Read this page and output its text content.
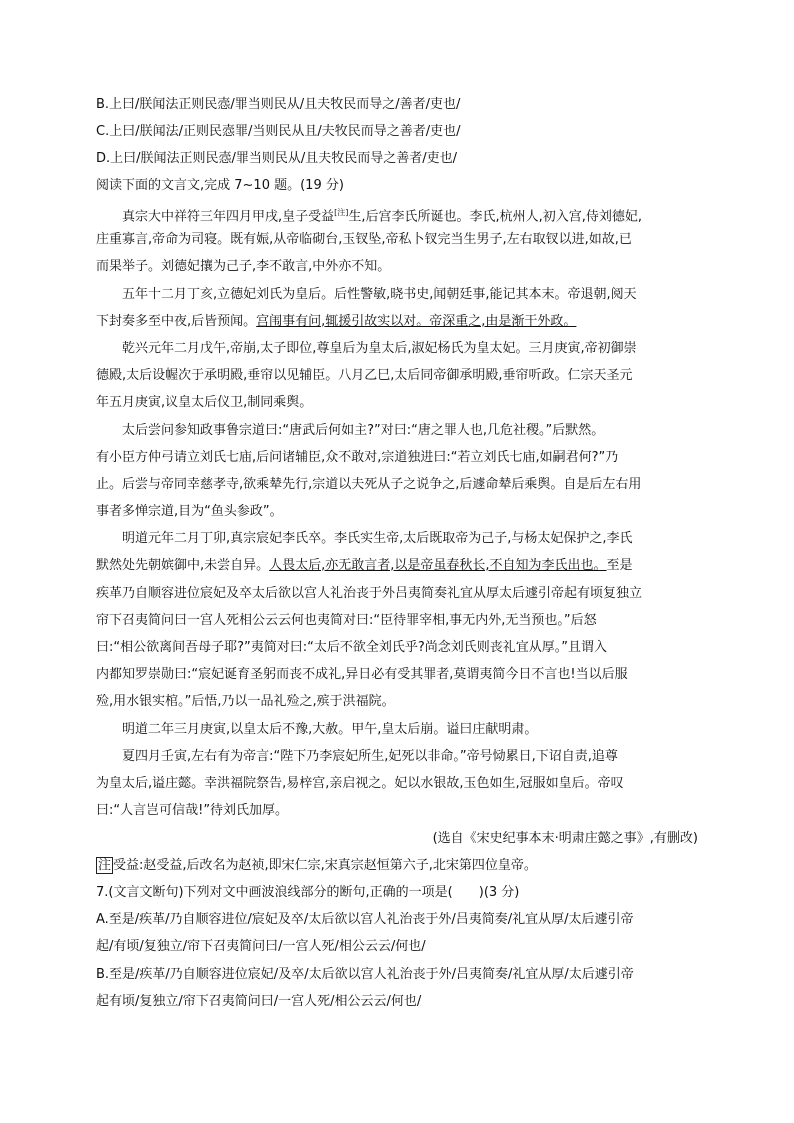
B.上曰/朕闻法正则民悫/罪当则民从/且夫牧民而导之/善者/吏也/
C.上曰/朕闻法/正则民悫罪/当则民从且/夫牧民而导之善者/吏也/
D.上曰/朕闻法正则民悫/罪当则民从/且夫牧民而导之善者/吏也/
阅读下面的文言文,完成 7~10 题。(19 分)
真宗大中祥符三年四月甲戌,皇子受益[注]生,后宫李氏所诞也。李氏,杭州人,初入宫,侍刘德妃,
庄重寡言,帝命为司寝。既有娠,从帝临砌台,玉钗坠,帝私卜钗完当生男子,左右取钗以进,如故,已
而果举子。刘德妃攘为己子,李不敢言,中外亦不知。
五年十二月丁亥,立德妃刘氏为皇后。后性警敏,晓书史,闻朝廷事,能记其本末。帝退朝,阅天
下封奏多至中夜,后皆预闻。宫闱事有问,辄援引故实以对。帝深重之,由是渐干外政。
乾兴元年二月戊午,帝崩,太子即位,尊皇后为皇太后,淑妃杨氏为皇太妃。三月庚寅,帝初御崇
德殿,太后设幄次于承明殿,垂帘以见辅臣。八月乙巳,太后同帝御承明殿,垂帘听政。仁宗天圣元
年五月庚寅,议皇太后仪卫,制同乘舆。
太后尝问参知政事鲁宗道曰:“唐武后何如主?”对曰:“唐之罪人也,几危社稷。”后默然。
有小臣方仲弓请立刘氏七庙,后问诸辅臣,众不敢对,宗道独进曰:“若立刘氏七庙,如嗣君何?”乃
止。后尝与帝同幸慈孝寺,欲乘辇先行,宗道以夫死从子之说争之,后遽命辇后乘舆。自是后左右用
事者多惮宗道,目为“鱼头参政”。
明道元年二月丁卯,真宗宸妃李氏卒。李氏实生帝,太后既取帝为己子,与杨太妃保护之,李氏
默然处先朝嫔御中,未尝自异。人畏太后,亦无敢言者,以是帝虽春秋长,不自知为李氏出也。至是
疾革乃自顺容进位宸妃及卒太后欲以宫人礼治丧于外吕夷简奏礼宜从厚太后遽引帝起有顷复独立
帘下召夷简问曰一宫人死相公云云何也夷简对曰:“臣待罪宰相,事无内外,无当预也。”后怒
曰:“相公欲离间吾母子耶?”夷简对曰:“太后不欲全刘氏乎?尚念刘氏则丧礼宜从厚。”且谓入
内都知罗崇勋曰:“宸妃诞育圣躬而丧不成礼,异日必有受其罪者,莫谓夷简今日不言也!当以后服
殓,用水银实棺。”后悟,乃以一品礼殓之,殡于洪福院。
明道二年三月庚寅,以皇太后不豫,大赦。甲午,皇太后崩。谥曰庄献明肃。
夏四月壬寅,左右有为帝言:“陛下乃李宸妃所生,妃死以非命。”帝号恸累日,下诏自责,追尊
为皇太后,谥庄懿。幸洪福院祭告,易梓宫,亲启视之。妃以水银故,玉色如生,冠服如皇后。帝叹
曰:“人言岂可信哉!”待刘氏加厚。
(选自《宋史纪事本末·明肃庄懿之事》,有删改)
注 受益:赵受益,后改名为赵祯,即宋仁宗,宋真宗赵恒第六子,北宋第四位皇帝。
7.(文言文断句)下列对文中画波浪线部分的断句,正确的一项是(　　)(3 分)
A.至是/疾革/乃自顺容进位/宸妃及卒/太后欲以宫人礼治丧于外/吕夷简奏/礼宜从厚/太后遽引帝
起/有顷/复独立/帘下召夷简问曰/一宫人死/相公云云/何也/
B.至是/疾革/乃自顺容进位宸妃/及卒/太后欲以宫人礼治丧于外/吕夷简奏/礼宜从厚/太后遽引帝
起有顷/复独立/帘下召夷简问曰/一宫人死/相公云云/何也/
